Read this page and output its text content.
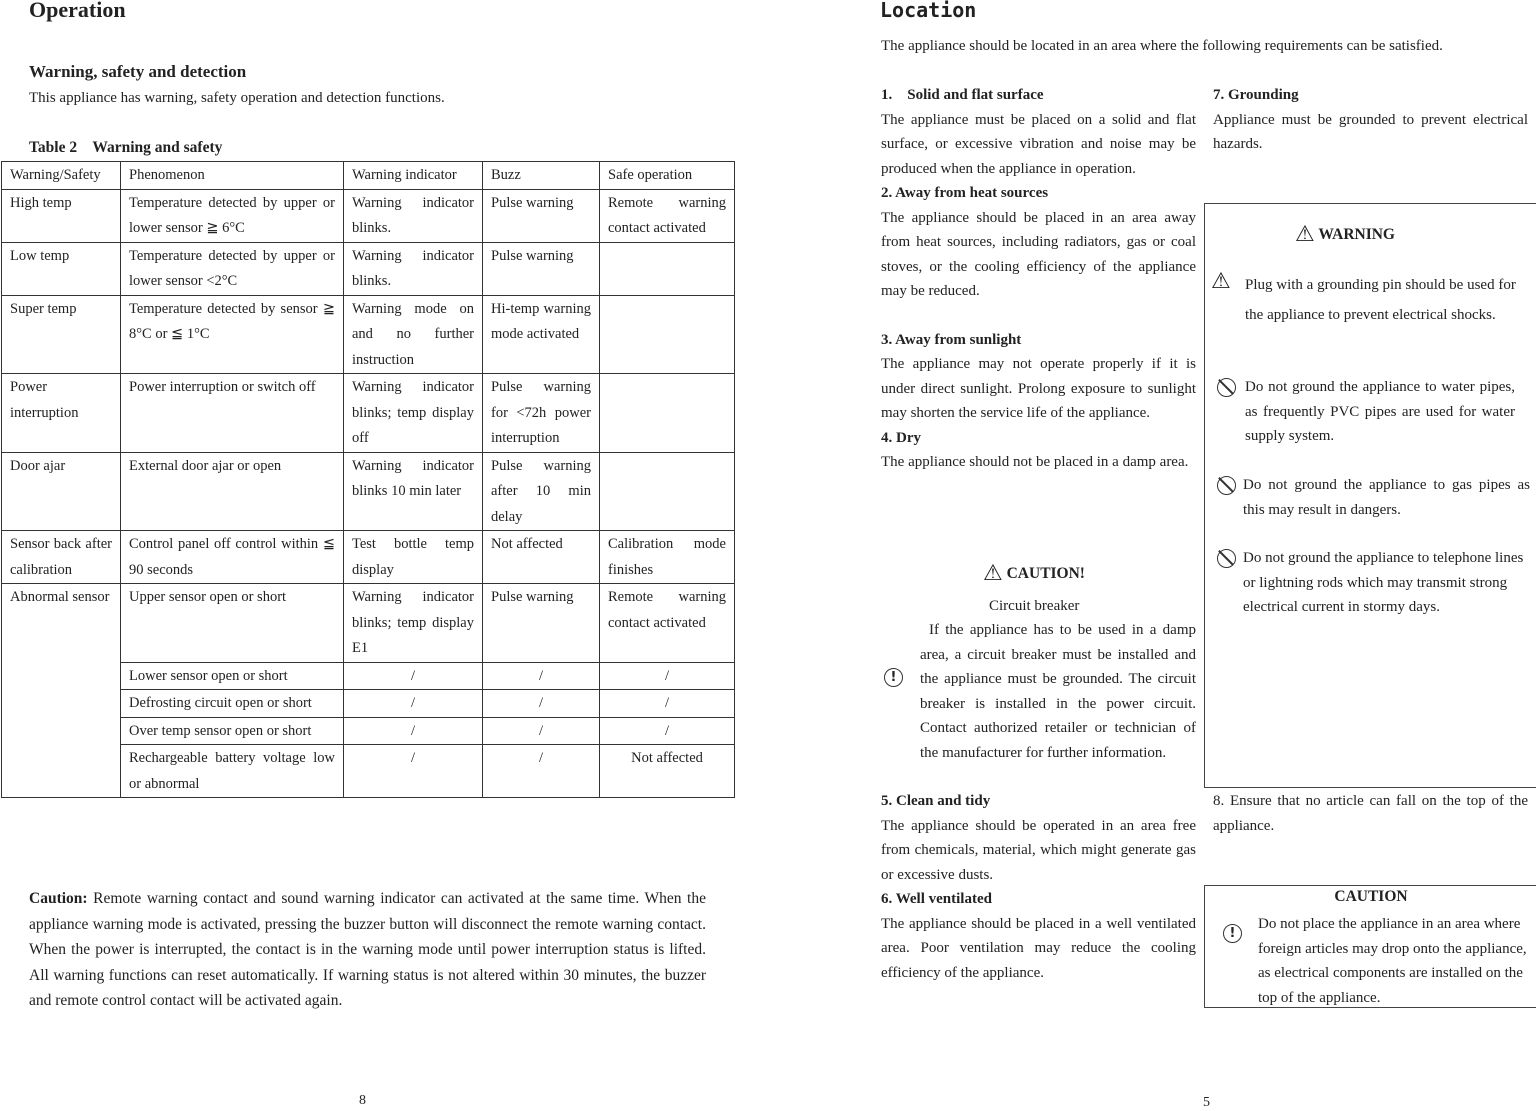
Operation
Warning, safety and detection
This appliance has warning, safety operation and detection functions.
Table 2    Warning and safety
Warning/Safety	Phenomenon	Warning indicator	Buzz	Safe operation
High temp	Temperature detected by upper or lower sensor ≧ 6°C	Warning indicator blinks.	Pulse warning	Remote warning contact activated
Low temp	Temperature detected by upper or lower sensor <2°C	Warning indicator blinks.	Pulse warning	
Super temp	Temperature detected by sensor ≧ 8°C or ≦ 1°C	Warning mode on and no further instruction	Hi-temp warning mode activated	
Power interruption	Power interruption or switch off	Warning indicator blinks; temp display off	Pulse warning for <72h power interruption	
Door ajar	External door ajar or open	Warning indicator blinks 10 min later	Pulse warning after 10 min delay	
Sensor back after calibration	Control panel off control within ≦ 90 seconds	Test bottle temp display	Not affected	Calibration mode finishes
Abnormal sensor	Upper sensor open or short	Warning indicator blinks; temp display E1	Pulse warning	Remote warning contact activated
	Lower sensor open or short	/	/	/
	Defrosting circuit open or short	/	/	/
	Over temp sensor open or short	/	/	/
	Rechargeable battery voltage low or abnormal	/	/	Not affected
Caution: Remote warning contact and sound warning indicator can activated at the same time. When the appliance warning mode is activated, pressing the buzzer button will disconnect the remote warning contact. When the power is interrupted, the contact is in the warning mode until power interruption status is lifted. All warning functions can reset automatically. If warning status is not altered within 30 minutes, the buzzer and remote control contact will be activated again.
8
Location
The appliance should be located in an area where the following requirements can be satisfied.
1.    Solid and flat surface
The appliance must be placed on a solid and flat surface, or excessive vibration and noise may be produced when the appliance in operation.
2. Away from heat sources
The appliance should be placed in an area away from heat sources, including radiators, gas or coal stoves, or the cooling efficiency of the appliance may be reduced.
3. Away from sunlight
The appliance may not operate properly if it is under direct sunlight. Prolong exposure to sunlight may shorten the service life of the appliance.
4. Dry
The appliance should not be placed in a damp area.
⚠ CAUTION!
Circuit breaker
!
If the appliance has to be used in a damp area, a circuit breaker must be installed and the appliance must be grounded. The circuit breaker is installed in the power circuit. Contact authorized retailer or technician of the manufacturer for further information.
5. Clean and tidy
The appliance should be operated in an area free from chemicals, material, which might generate gas or excessive dusts.
6. Well ventilated
The appliance should be placed in a well ventilated area. Poor ventilation may reduce the cooling efficiency of the appliance.
7. Grounding
Appliance must be grounded to prevent electrical hazards.
⚠ WARNING
⚠ Plug with a grounding pin should be used for the appliance to prevent electrical shocks.
Do not ground the appliance to water pipes, as frequently PVC pipes are used for water supply system.
Do not ground the appliance to gas pipes as this may result in dangers.
Do not ground the appliance to telephone lines or lightning rods which may transmit strong electrical current in stormy days.
8. Ensure that no article can fall on the top of the appliance.
CAUTION
!
Do not place the appliance in an area where foreign articles may drop onto the appliance, as electrical components are installed on the top of the appliance.
5
